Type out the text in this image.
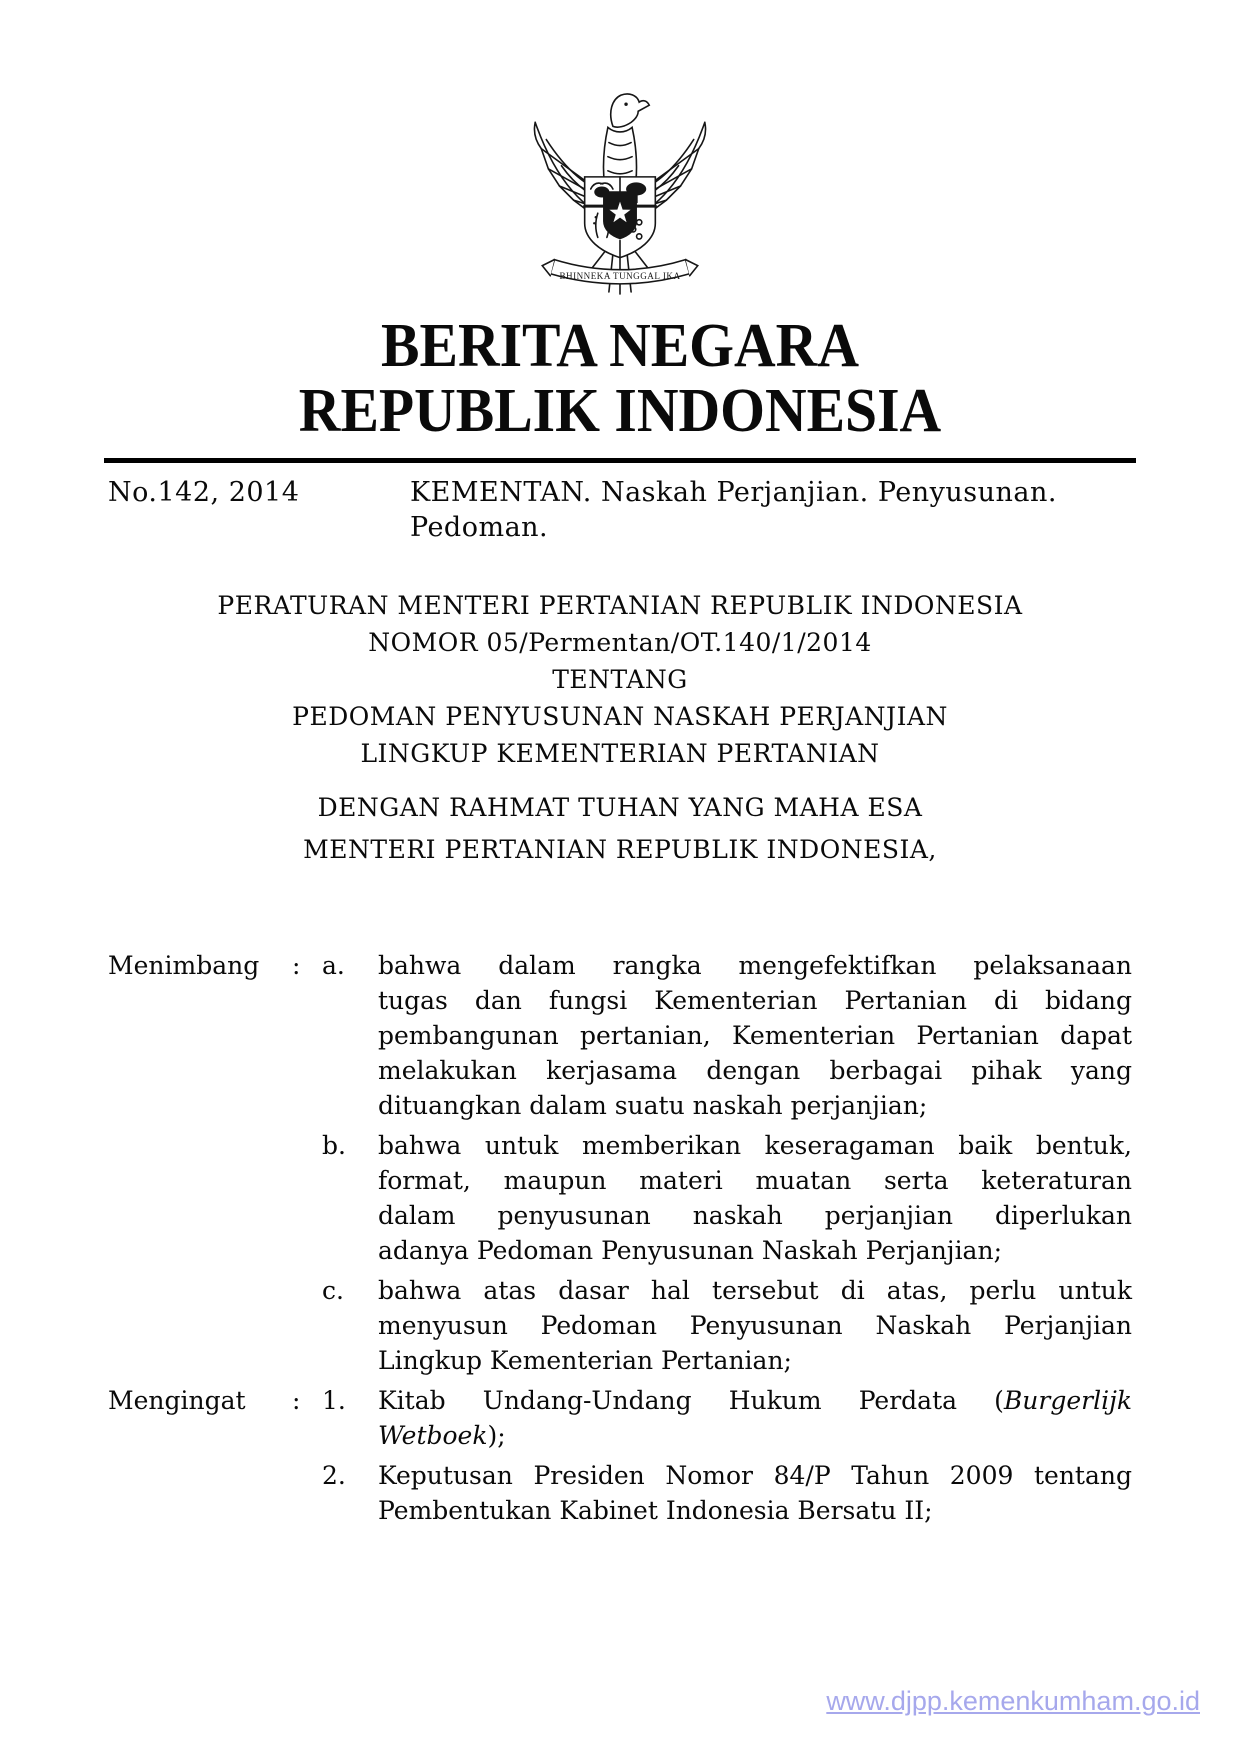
BHINNEKA TUNGGAL IKA
BERITA NEGARA
REPUBLIK INDONESIA
No.142, 2014	KEMENTAN. Naskah Perjanjian. Penyusunan.
Pedoman.
PERATURAN MENTERI PERTANIAN REPUBLIK INDONESIA
NOMOR 05/Permentan/OT.140/1/2014
TENTANG
PEDOMAN PENYUSUNAN NASKAH PERJANJIAN
LINGKUP KEMENTERIAN PERTANIAN
DENGAN RAHMAT TUHAN YANG MAHA ESA
MENTERI PERTANIAN REPUBLIK INDONESIA,
Menimbang	: a.	bahwa dalam rangka mengefektifkan pelaksanaan
tugas dan fungsi Kementerian Pertanian di bidang
pembangunan pertanian, Kementerian Pertanian dapat
melakukan kerjasama dengan berbagai pihak yang
dituangkan dalam suatu naskah perjanjian;
b.	bahwa untuk memberikan keseragaman baik bentuk,
format, maupun materi muatan serta keteraturan
dalam penyusunan naskah perjanjian diperlukan
adanya Pedoman Penyusunan Naskah Perjanjian;
c.	bahwa atas dasar hal tersebut di atas, perlu untuk
menyusun Pedoman Penyusunan Naskah Perjanjian
Lingkup Kementerian Pertanian;
Mengingat	: 1.	Kitab Undang-Undang Hukum Perdata (Burgerlijk
Wetboek);
2.	Keputusan Presiden Nomor 84/P Tahun 2009 tentang
Pembentukan Kabinet Indonesia Bersatu II;
www.djpp.kemenkumham.go.id
